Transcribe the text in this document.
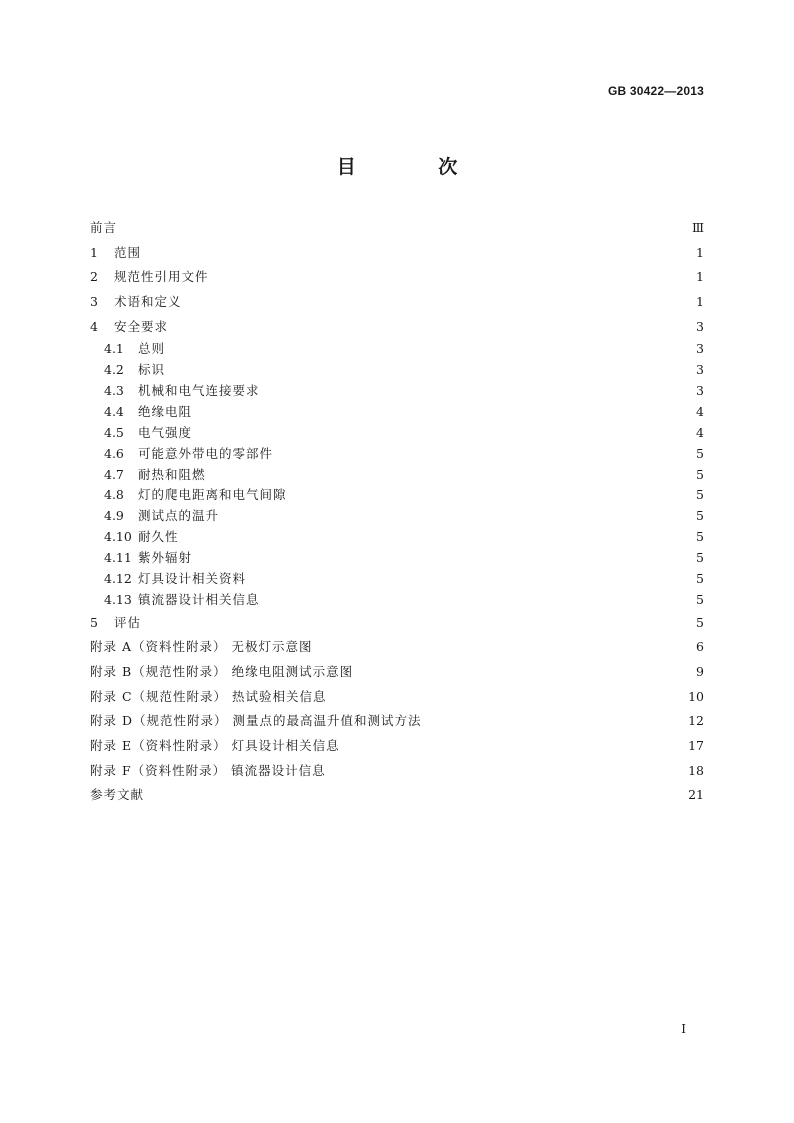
GB 30422—2013
目 次
前言	Ⅲ
1	范围	1
2	规范性引用文件	1
3	术语和定义	1
4	安全要求	3
4.1	总则	3
4.2	标识	3
4.3	机械和电气连接要求	3
4.4	绝缘电阻	4
4.5	电气强度	4
4.6	可能意外带电的零部件	5
4.7	耐热和阻燃	5
4.8	灯的爬电距离和电气间隙	5
4.9	测试点的温升	5
4.10 耐久性	5
4.11 紫外辐射	5
4.12 灯具设计相关资料	5
4.13 镇流器设计相关信息	5
5	评估	5
附录 A（资料性附录） 无极灯示意图	6
附录 B（规范性附录） 绝缘电阻测试示意图	9
附录 C（规范性附录） 热试验相关信息	10
附录 D（规范性附录） 测量点的最高温升值和测试方法	12
附录 E（资料性附录） 灯具设计相关信息	17
附录 F（资料性附录） 镇流器设计信息	18
参考文献	21
I
